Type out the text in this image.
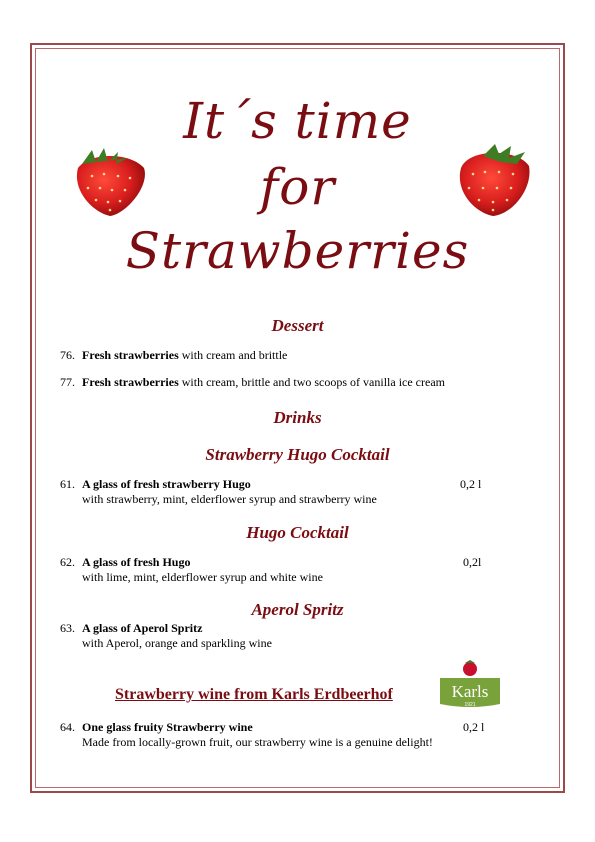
It´s time
for
Strawberries
Dessert
76. Fresh strawberries with cream and brittle
77. Fresh strawberries with cream, brittle and two scoops of vanilla ice cream
Drinks
Strawberry Hugo Cocktail
61. A glass of fresh strawberry Hugo	0,2 l
with strawberry, mint, elderflower syrup and strawberry wine
Hugo Cocktail
62. A glass of fresh Hugo	0,2l
with lime, mint, elderflower syrup and white wine
Aperol Spritz
63. A glass of Aperol Spritz
with Aperol, orange and sparkling wine
Strawberry wine from Karls Erdbeerhof	Karls
1921
64. One glass fruity Strawberry wine	0,2 l
Made from locally-grown fruit, our strawberry wine is a genuine delight!
